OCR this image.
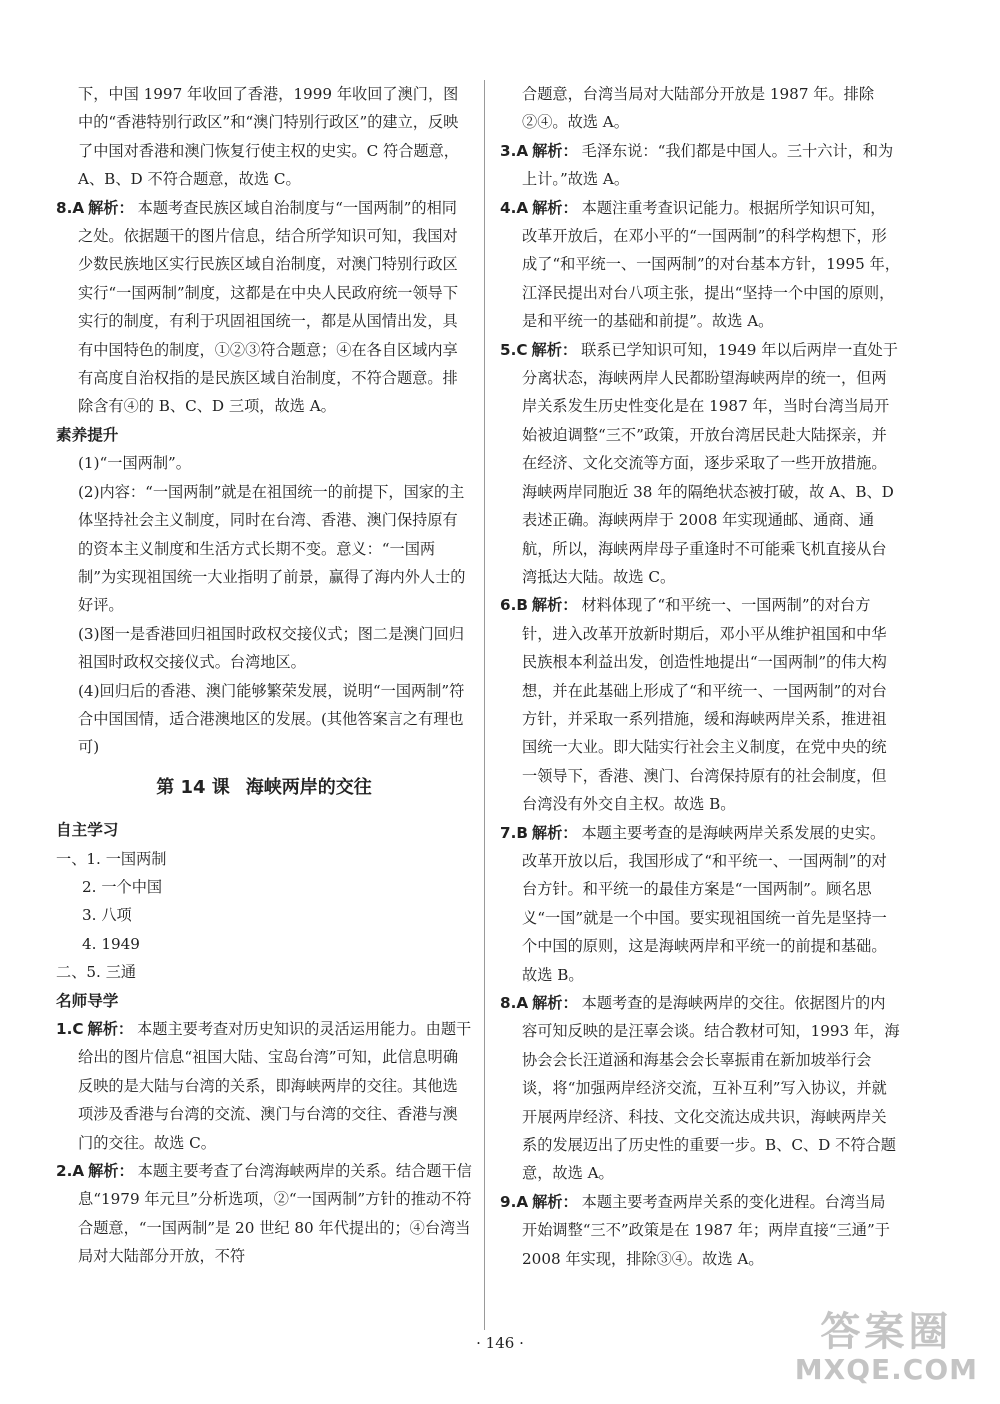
下，中国 1997 年收回了香港，1999 年收回了澳门，图中的“香港特别行政区”和“澳门特别行政区”的建立，反映了中国对香港和澳门恢复行使主权的史实。C 符合题意，A、B、D 不符合题意，故选 C。

8.A 解析： 本题考查民族区域自治制度与“一国两制”的相同之处。依据题干的图片信息，结合所学知识可知，我国对少数民族地区实行民族区域自治制度，对澳门特别行政区实行“一国两制”制度，这都是在中央人民政府统一领导下实行的制度，有利于巩固祖国统一，都是从国情出发，具有中国特色的制度，①②③符合题意；④在各自区域内享有高度自治权指的是民族区域自治制度，不符合题意。排除含有④的 B、C、D 三项，故选 A。

素养提升

(1)“一国两制”。

(2)内容：“一国两制”就是在祖国统一的前提下，国家的主体坚持社会主义制度，同时在台湾、香港、澳门保持原有的资本主义制度和生活方式长期不变。意义：“一国两制”为实现祖国统一大业指明了前景，赢得了海内外人士的好评。

(3)图一是香港回归祖国时政权交接仪式；图二是澳门回归祖国时政权交接仪式。台湾地区。

(4)回归后的香港、澳门能够繁荣发展，说明“一国两制”符合中国国情，适合港澳地区的发展。(其他答案言之有理也可)

第 14 课 海峡两岸的交往

自主学习

一、1. 一国两制

2. 一个中国

3. 八项

4. 1949

二、5. 三通

名师导学

1.C 解析： 本题主要考查对历史知识的灵活运用能力。由题干给出的图片信息“祖国大陆、宝岛台湾”可知，此信息明确反映的是大陆与台湾的关系，即海峡两岸的交往。其他选项涉及香港与台湾的交流、澳门与台湾的交往、香港与澳门的交往。故选 C。

2.A 解析： 本题主要考查了台湾海峡两岸的关系。结合题干信息“1979 年元旦”分析选项，②“一国两制”方针的推动不符合题意，“一国两制”是 20 世纪 80 年代提出的；④台湾当局对大陆部分开放，不符

合题意，台湾当局对大陆部分开放是 1987 年。排除②④。故选 A。

3.A 解析： 毛泽东说：“我们都是中国人。三十六计，和为上计。”故选 A。

4.A 解析： 本题注重考查识记能力。根据所学知识可知，改革开放后，在邓小平的“一国两制”的科学构想下，形成了“和平统一、一国两制”的对台基本方针，1995 年，江泽民提出对台八项主张，提出“坚持一个中国的原则，是和平统一的基础和前提”。故选 A。

5.C 解析： 联系已学知识可知，1949 年以后两岸一直处于分离状态，海峡两岸人民都盼望海峡两岸的统一，但两岸关系发生历史性变化是在 1987 年，当时台湾当局开始被迫调整“三不”政策，开放台湾居民赴大陆探亲，并在经济、文化交流等方面，逐步采取了一些开放措施。海峡两岸同胞近 38 年的隔绝状态被打破，故 A、B、D 表述正确。海峡两岸于 2008 年实现通邮、通商、通航，所以，海峡两岸母子重逢时不可能乘飞机直接从台湾抵达大陆。故选 C。

6.B 解析： 材料体现了“和平统一、一国两制”的对台方针，进入改革开放新时期后，邓小平从维护祖国和中华民族根本利益出发，创造性地提出“一国两制”的伟大构想，并在此基础上形成了“和平统一、一国两制”的对台方针，并采取一系列措施，缓和海峡两岸关系，推进祖国统一大业。即大陆实行社会主义制度，在党中央的统一领导下，香港、澳门、台湾保持原有的社会制度，但台湾没有外交自主权。故选 B。

7.B 解析： 本题主要考查的是海峡两岸关系发展的史实。改革开放以后，我国形成了“和平统一、一国两制”的对台方针。和平统一的最佳方案是“一国两制”。顾名思义“一国”就是一个中国。要实现祖国统一首先是坚持一个中国的原则，这是海峡两岸和平统一的前提和基础。故选 B。

8.A 解析： 本题考查的是海峡两岸的交往。依据图片的内容可知反映的是汪辜会谈。结合教材可知，1993 年，海协会会长汪道涵和海基会会长辜振甫在新加坡举行会谈，将“加强两岸经济交流，互补互利”写入协议，并就开展两岸经济、科技、文化交流达成共识，海峡两岸关系的发展迈出了历史性的重要一步。B、C、D 不符合题意，故选 A。

9.A 解析： 本题主要考查两岸关系的变化进程。台湾当局开始调整“三不”政策是在 1987 年；两岸直接“三通”于2008 年实现，排除③④。故选 A。

· 146 ·	答案圈
MXQE.COM
